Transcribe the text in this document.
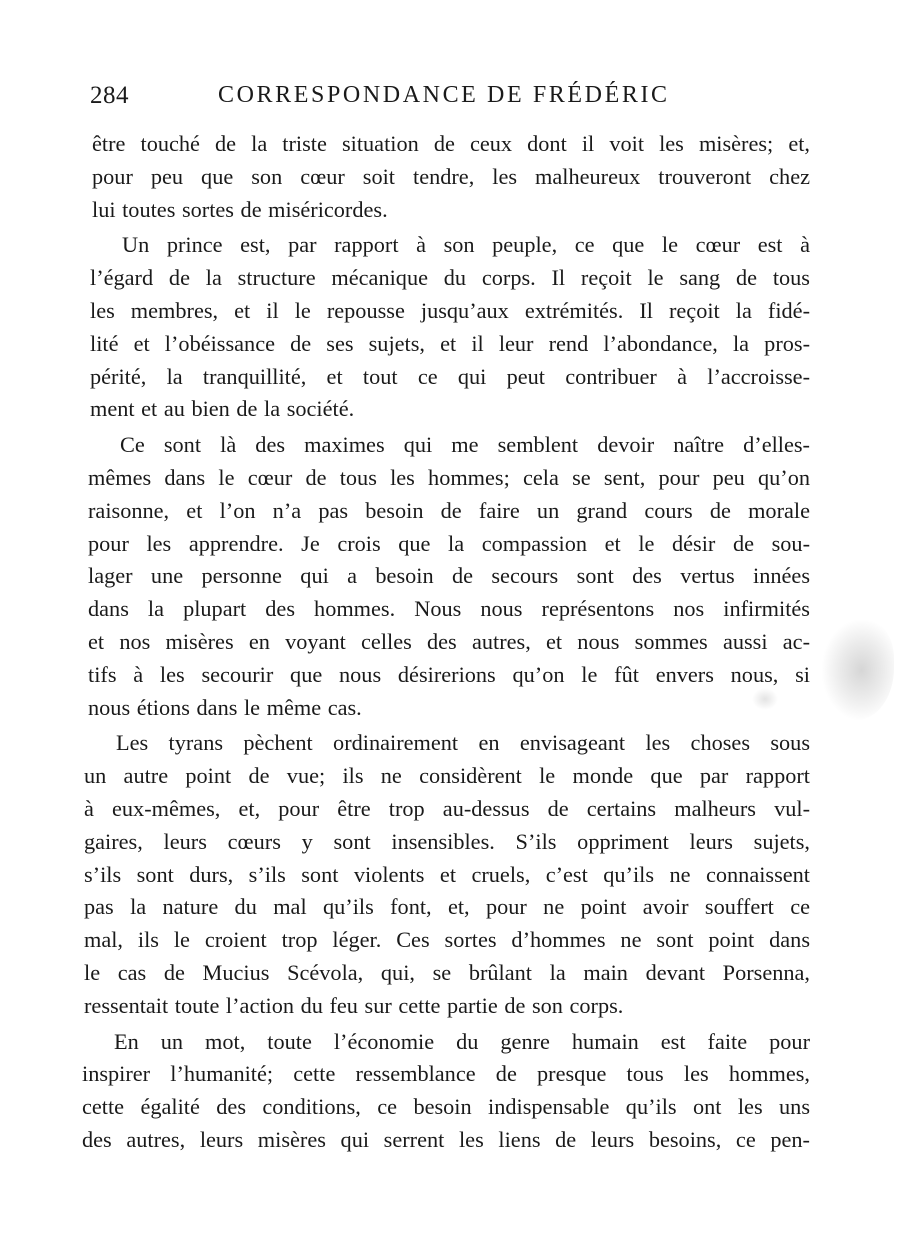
284	CORRESPONDANCE DE FRÉDÉRIC
être touché de la triste situation de ceux dont il voit les misères; et,
pour peu que son cœur soit tendre, les malheureux trouveront chez
lui toutes sortes de miséricordes.
Un prince est, par rapport à son peuple, ce que le cœur est à
l’égard de la structure mécanique du corps. Il reçoit le sang de tous
les membres, et il le repousse jusqu’aux extrémités. Il reçoit la fidé-
lité et l’obéissance de ses sujets, et il leur rend l’abondance, la pros-
périté, la tranquillité, et tout ce qui peut contribuer à l’accroisse-
ment et au bien de la société.
Ce sont là des maximes qui me semblent devoir naître d’elles-
mêmes dans le cœur de tous les hommes; cela se sent, pour peu qu’on
raisonne, et l’on n’a pas besoin de faire un grand cours de morale
pour les apprendre. Je crois que la compassion et le désir de sou-
lager une personne qui a besoin de secours sont des vertus innées
dans la plupart des hommes. Nous nous représentons nos infirmités
et nos misères en voyant celles des autres, et nous sommes aussi ac-
tifs à les secourir que nous désirerions qu’on le fût envers nous, si
nous étions dans le même cas.
Les tyrans pèchent ordinairement en envisageant les choses sous
un autre point de vue; ils ne considèrent le monde que par rapport
à eux-mêmes, et, pour être trop au-dessus de certains malheurs vul-
gaires, leurs cœurs y sont insensibles. S’ils oppriment leurs sujets,
s’ils sont durs, s’ils sont violents et cruels, c’est qu’ils ne connaissent
pas la nature du mal qu’ils font, et, pour ne point avoir souffert ce
mal, ils le croient trop léger. Ces sortes d’hommes ne sont point dans
le cas de Mucius Scévola, qui, se brûlant la main devant Porsenna,
ressentait toute l’action du feu sur cette partie de son corps.
En un mot, toute l’économie du genre humain est faite pour
inspirer l’humanité; cette ressemblance de presque tous les hommes,
cette égalité des conditions, ce besoin indispensable qu’ils ont les uns
des autres, leurs misères qui serrent les liens de leurs besoins, ce pen-
